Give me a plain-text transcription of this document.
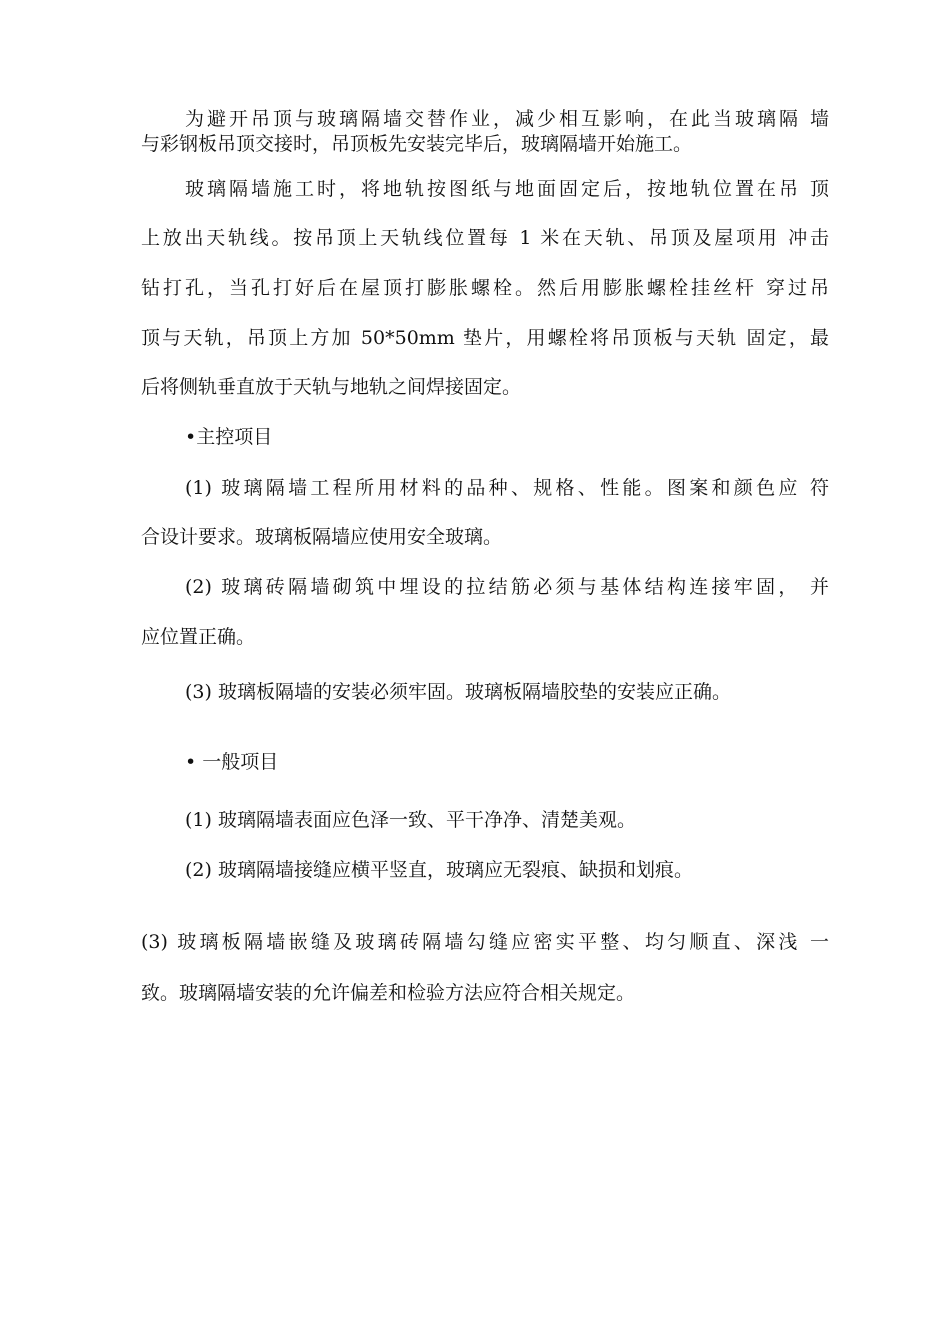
为避开吊顶与玻璃隔墙交替作业，减少相互影响，在此当玻璃隔 墙
与彩钢板吊顶交接时，吊顶板先安装完毕后，玻璃隔墙开始施工。
玻璃隔墙施工时，将地轨按图纸与地面固定后，按地轨位置在吊 顶
上放出天轨线。按吊顶上天轨线位置每 1 米在天轨、吊顶及屋项用 冲击
钻打孔，当孔打好后在屋顶打膨胀螺栓。然后用膨胀螺栓挂丝杆 穿过吊
顶与天轨，吊顶上方加 50*50mm 垫片，用螺栓将吊顶板与天轨 固定，最
后将侧轨垂直放于天轨与地轨之间焊接固定。
•主控项目
(1) 玻璃隔墙工程所用材料的品种、规格、性能。图案和颜色应 符
合设计要求。玻璃板隔墙应使用安全玻璃。
(2) 玻璃砖隔墙砌筑中埋设的拉结筋必须与基体结构连接牢固， 并
应位置正确。
(3) 玻璃板隔墙的安装必须牢固。玻璃板隔墙胶垫的安装应正确。
• 一般项目
(1) 玻璃隔墙表面应色泽一致、平干净净、清楚美观。
(2) 玻璃隔墙接缝应横平竖直，玻璃应无裂痕、缺损和划痕。
(3) 玻璃板隔墙嵌缝及玻璃砖隔墙勾缝应密实平整、均匀顺直、深浅 一
致。玻璃隔墙安装的允许偏差和检验方法应符合相关规定。
